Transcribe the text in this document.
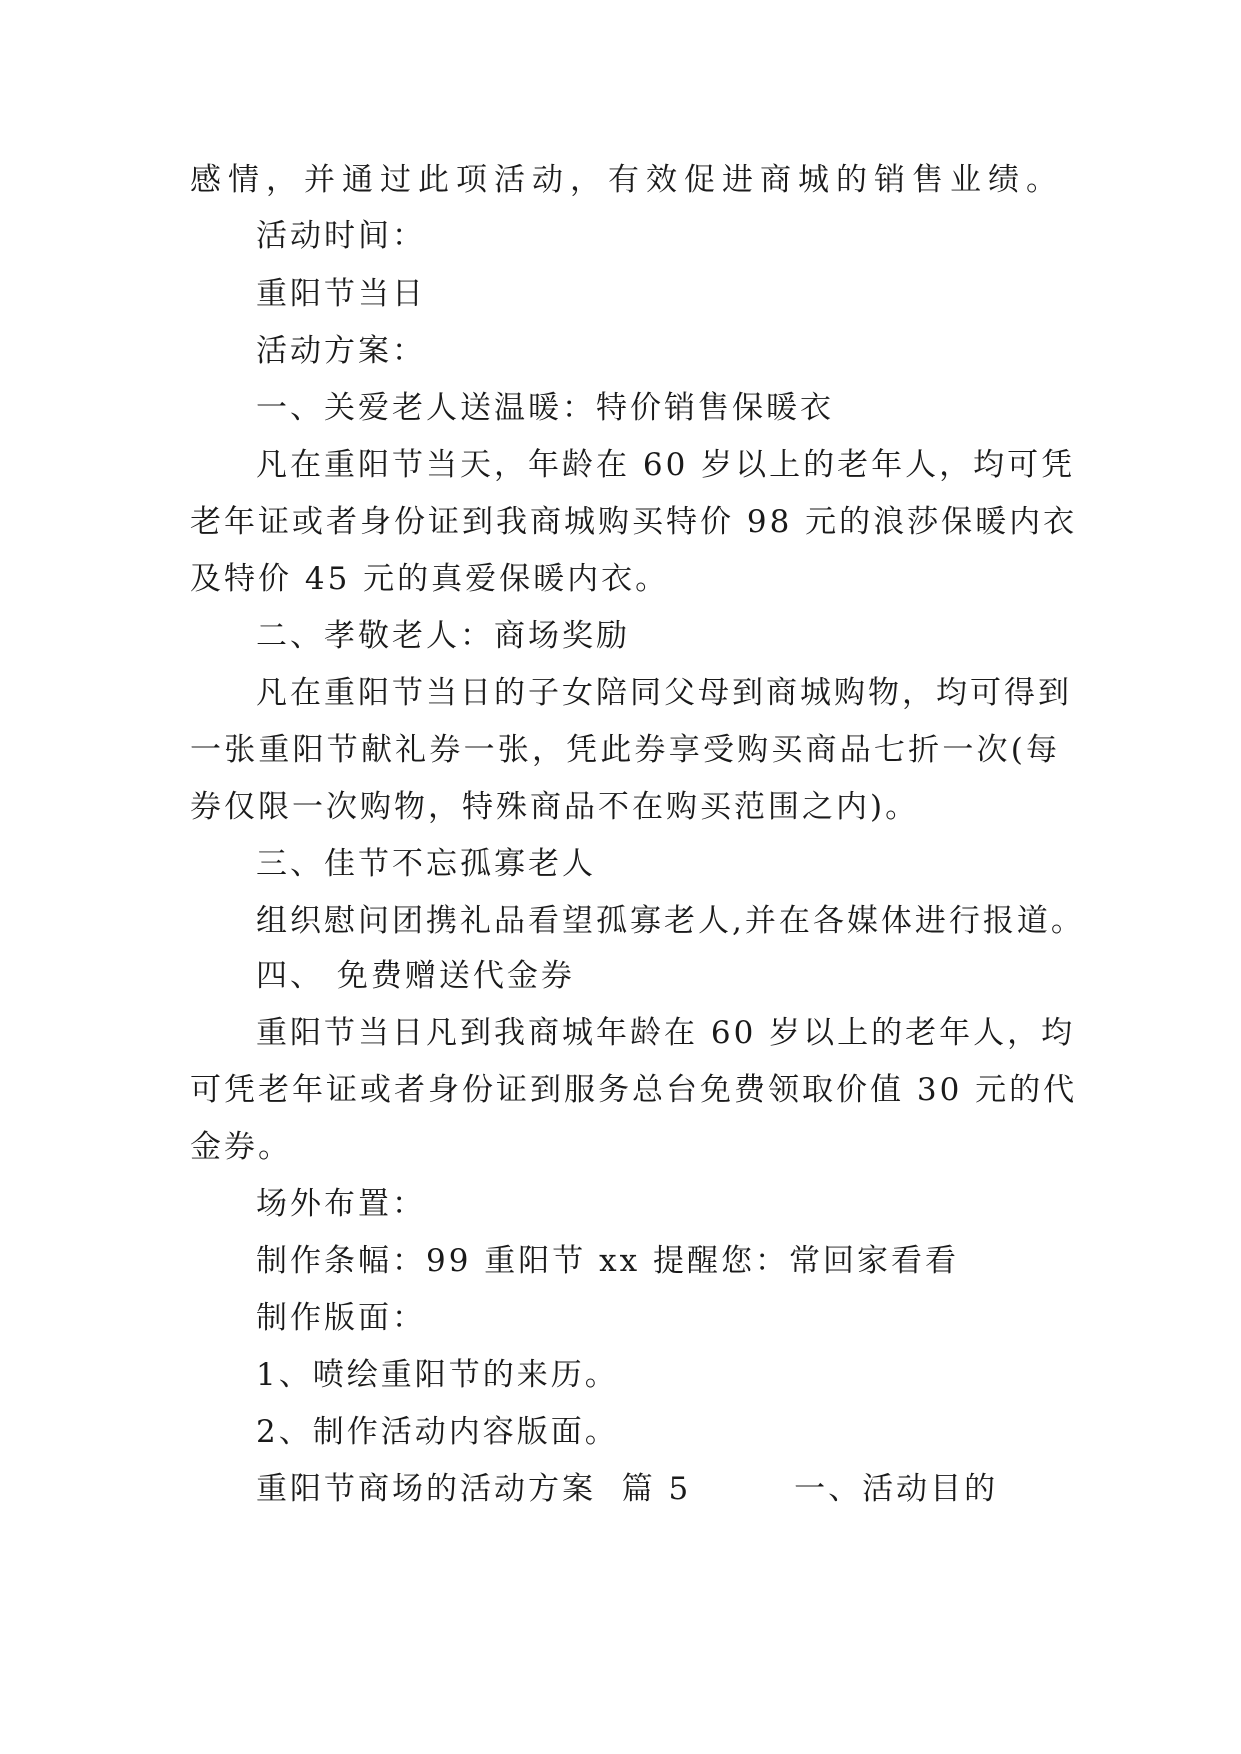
感情，并通过此项活动，有效促进商城的销售业绩。
活动时间：
重阳节当日
活动方案：
一、关爱老人送温暖：特价销售保暖衣
凡在重阳节当天，年龄在 60 岁以上的老年人，均可凭
老年证或者身份证到我商城购买特价 98 元的浪莎保暖内衣
及特价 45 元的真爱保暖内衣。
二、孝敬老人：商场奖励
凡在重阳节当日的子女陪同父母到商城购物，均可得到
一张重阳节献礼券一张，凭此券享受购买商品七折一次(每
券仅限一次购物，特殊商品不在购买范围之内)。
三、佳节不忘孤寡老人
组织慰问团携礼品看望孤寡老人,并在各媒体进行报道。
四、 免费赠送代金券
重阳节当日凡到我商城年龄在 60 岁以上的老年人，均
可凭老年证或者身份证到服务总台免费领取价值 30 元的代
金券。
场外布置：
制作条幅：99 重阳节 xx 提醒您：常回家看看
制作版面：
1、喷绘重阳节的来历。
2、制作活动内容版面。
重阳节商场的活动方案  篇 5        一、活动目的
